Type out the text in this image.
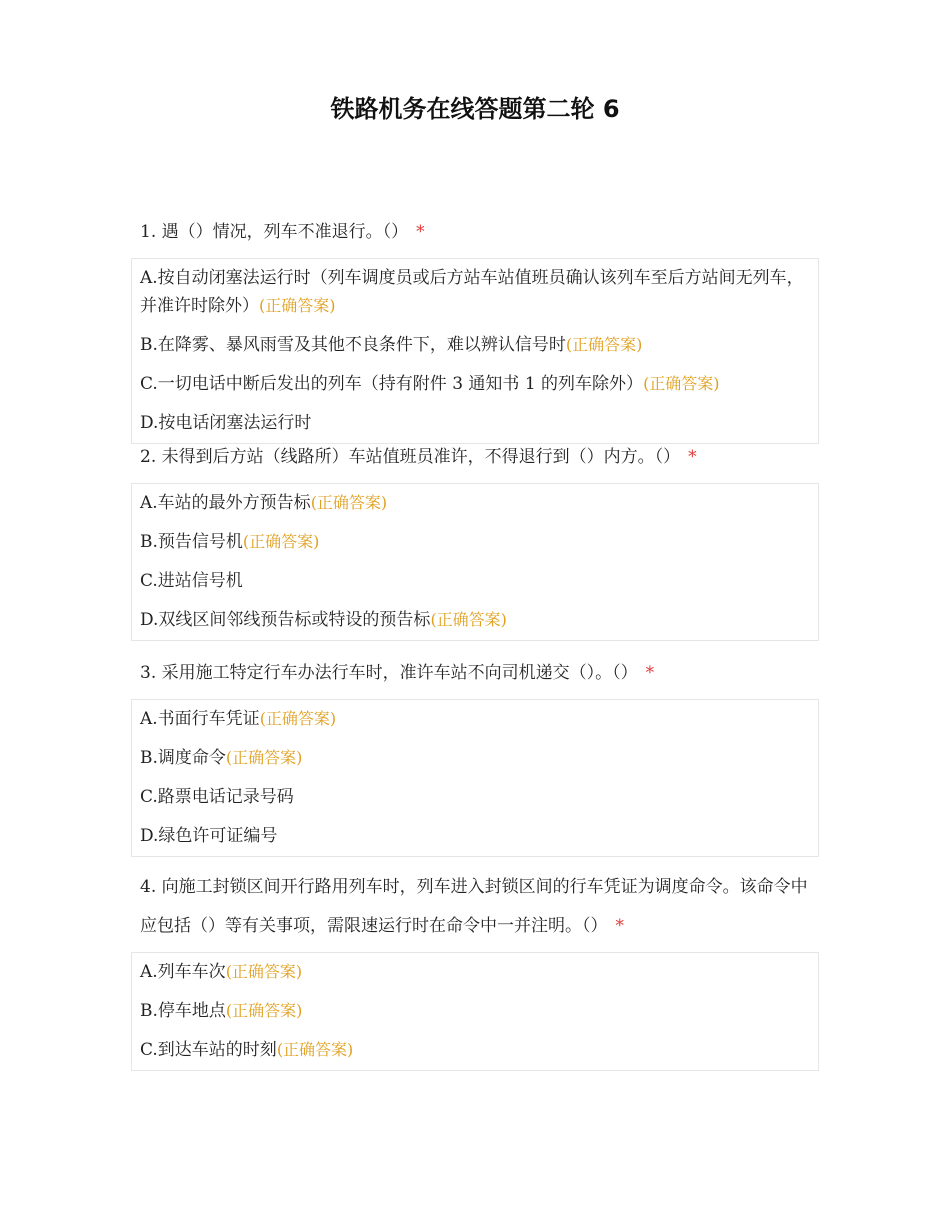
铁路机务在线答题第二轮 6
1. 遇（）情况，列车不准退行。（） *
A.按自动闭塞法运行时（列车调度员或后方站车站值班员确认该列车至后方站间无列车，并准许时除外）(正确答案)
B.在降雾、暴风雨雪及其他不良条件下，难以辨认信号时(正确答案)
C.一切电话中断后发出的列车（持有附件 3 通知书 1 的列车除外）(正确答案)
D.按电话闭塞法运行时
2. 未得到后方站（线路所）车站值班员准许，不得退行到（）内方。（） *
A.车站的最外方预告标(正确答案)
B.预告信号机(正确答案)
C.进站信号机
D.双线区间邻线预告标或特设的预告标(正确答案)
3. 采用施工特定行车办法行车时，准许车站不向司机递交（）。（） *
A.书面行车凭证(正确答案)
B.调度命令(正确答案)
C.路票电话记录号码
D.绿色许可证编号
4. 向施工封锁区间开行路用列车时，列车进入封锁区间的行车凭证为调度命令。该命令中应包括（）等有关事项，需限速运行时在命令中一并注明。（） *
A.列车车次(正确答案)
B.停车地点(正确答案)
C.到达车站的时刻(正确答案)
